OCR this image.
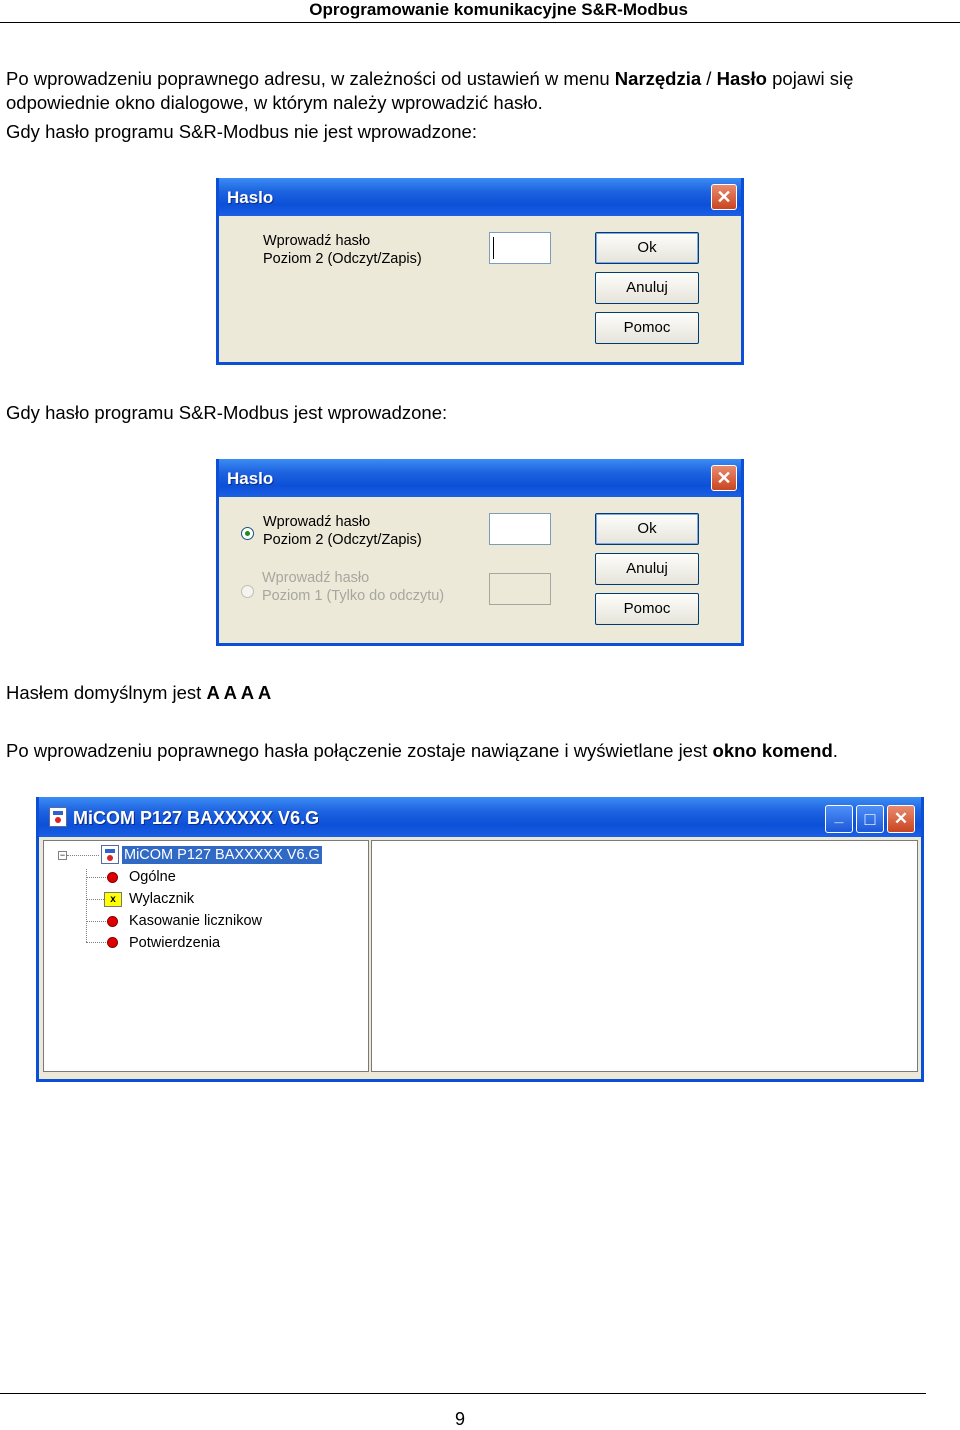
Oprogramowanie komunikacyjne S&R-Modbus
Po wprowadzeniu poprawnego adresu, w zależności od ustawień w menu Narzędzia / Hasło pojawi się
odpowiednie okno dialogowe, w którym należy wprowadzić hasło.
Gdy hasło programu S&R-Modbus nie jest wprowadzone:
Haslo	✕
Wprowadź hasło
Poziom 2 (Odczyt/Zapis)
Ok
Anuluj
Pomoc
Gdy hasło programu S&R-Modbus jest wprowadzone:
Haslo	✕
Wprowadź hasło
Poziom 2 (Odczyt/Zapis)
Wprowadź hasło
Poziom 1 (Tylko do odczytu)
Ok
Anuluj
Pomoc
Hasłem domyślnym jest A A A A
Po wprowadzeniu poprawnego hasła połączenie zostaje nawiązane i wyświetlane jest okno komend.
MiCOM P127 BAXXXXX V6.G	_	□	✕
−	MiCOM P127 BAXXXXX V6.G
Ogólne
x Wylacznik
Kasowanie licznikow
Potwierdzenia
9
